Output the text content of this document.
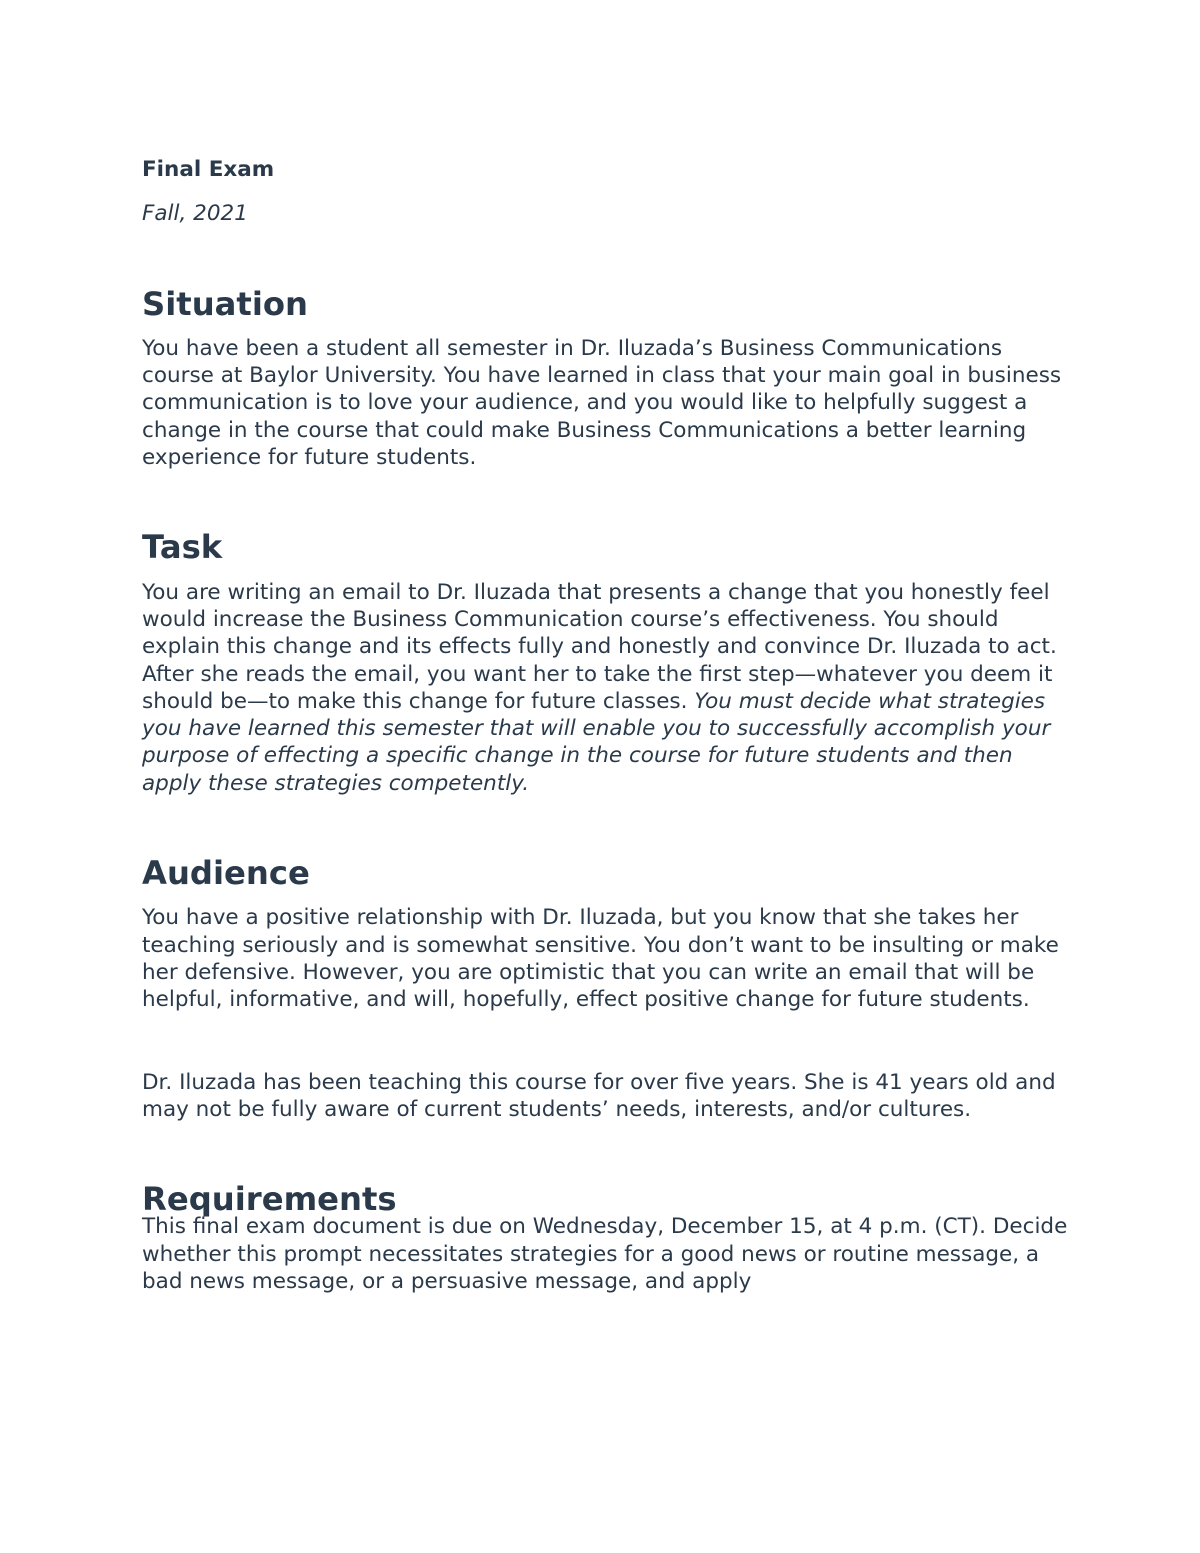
Final Exam

Fall, 2021

Situation

You have been a student all semester in Dr. Iluzada’s Business Communications course at Baylor University. You have learned in class that your main goal in business communication is to love your audience, and you would like to helpfully suggest a change in the course that could make Business Communications a better learning experience for future students.

Task

You are writing an email to Dr. Iluzada that presents a change that you honestly feel would increase the Business Communication course’s effectiveness. You should explain this change and its effects fully and honestly and convince Dr. Iluzada to act. After she reads the email, you want her to take the first step—whatever you deem it should be—to make this change for future classes. You must decide what strategies you have learned this semester that will enable you to successfully accomplish your purpose of effecting a specific change in the course for future students and then apply these strategies competently.

Audience

You have a positive relationship with Dr. Iluzada, but you know that she takes her teaching seriously and is somewhat sensitive. You don’t want to be insulting or make her defensive. However, you are optimistic that you can write an email that will be helpful, informative, and will, hopefully, effect positive change for future students.

Dr. Iluzada has been teaching this course for over five years. She is 41 years old and may not be fully aware of current students’ needs, interests, and/or cultures.

Requirements

This final exam document is due on Wednesday, December 15, at 4 p.m. (CT). Decide whether this prompt necessitates strategies for a good news or routine message, a bad news message, or a persuasive message, and apply
